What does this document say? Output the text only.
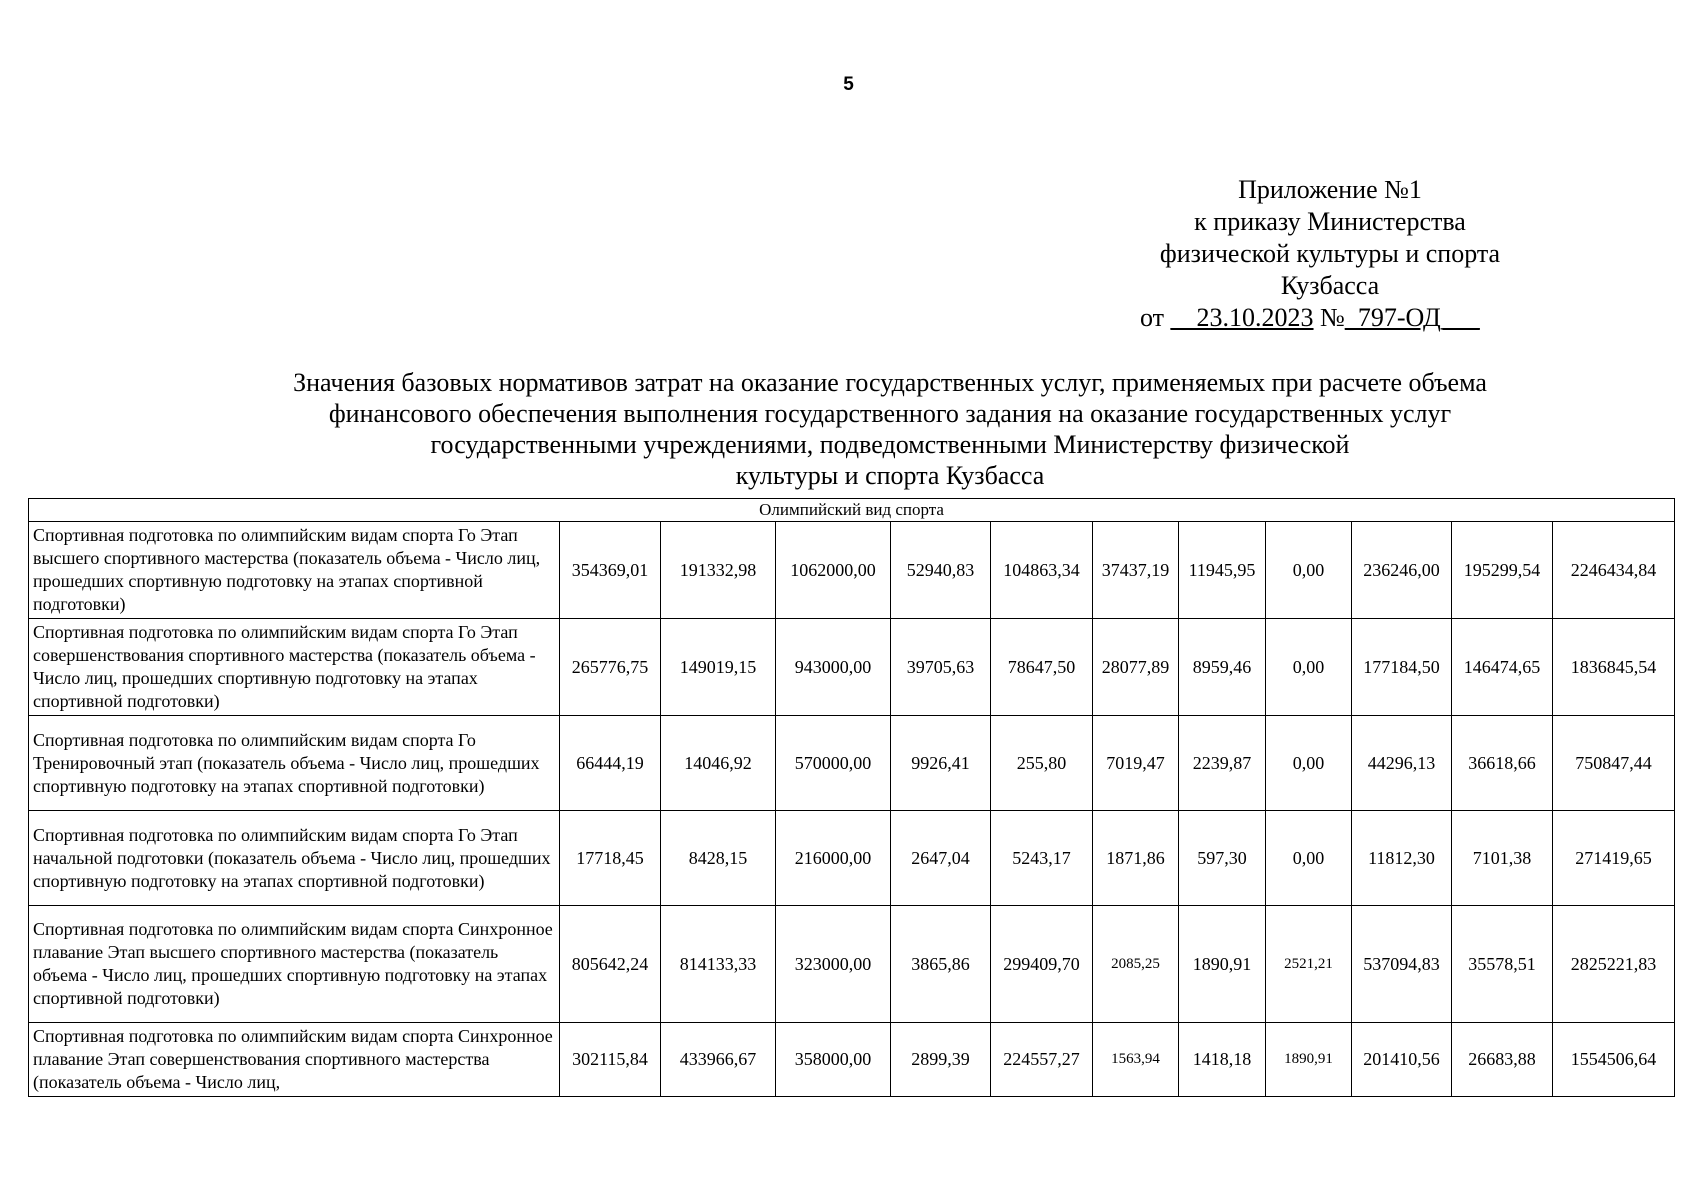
5
Приложение №1
к приказу Министерства
физической культуры и спорта
Кузбасса
от __23.10.2023 №_797-ОД___
Значения базовых нормативов затрат на оказание государственных услуг, применяемых при расчете объема
финансового обеспечения выполнения государственного задания на оказание государственных услуг
государственными учреждениями, подведомственными Министерству физической
культуры и спорта Кузбасса
Олимпийский вид спорта											
Спортивная подготовка по олимпийским видам спорта Го Этап высшего спортивного мастерства (показатель объема - Число лиц, прошедших спортивную подготовку на этапах спортивной подготовки)	354369,01	191332,98	1062000,00	52940,83	104863,34	37437,19	11945,95	0,00	236246,00	195299,54	2246434,84
Спортивная подготовка по олимпийским видам спорта Го Этап совершенствования спортивного мастерства (показатель объема - Число лиц, прошедших спортивную подготовку на этапах спортивной подготовки)	265776,75	149019,15	943000,00	39705,63	78647,50	28077,89	8959,46	0,00	177184,50	146474,65	1836845,54
Спортивная подготовка по олимпийским видам спорта Го Тренировочный этап (показатель объема - Число лиц, прошедших спортивную подготовку на этапах спортивной подготовки)	66444,19	14046,92	570000,00	9926,41	255,80	7019,47	2239,87	0,00	44296,13	36618,66	750847,44
Спортивная подготовка по олимпийским видам спорта Го Этап начальной подготовки (показатель объема - Число лиц, прошедших спортивную подготовку на этапах спортивной подготовки)	17718,45	8428,15	216000,00	2647,04	5243,17	1871,86	597,30	0,00	11812,30	7101,38	271419,65
Спортивная подготовка по олимпийским видам спорта Синхронное плавание Этап высшего спортивного мастерства (показатель объема - Число лиц, прошедших спортивную подготовку на этапах спортивной подготовки)	805642,24	814133,33	323000,00	3865,86	299409,70	2085,25	1890,91	2521,21	537094,83	35578,51	2825221,83
Спортивная подготовка по олимпийским видам спорта Синхронное плавание Этап совершенствования спортивного мастерства (показатель объема - Число лиц,	302115,84	433966,67	358000,00	2899,39	224557,27	1563,94	1418,18	1890,91	201410,56	26683,88	1554506,64
